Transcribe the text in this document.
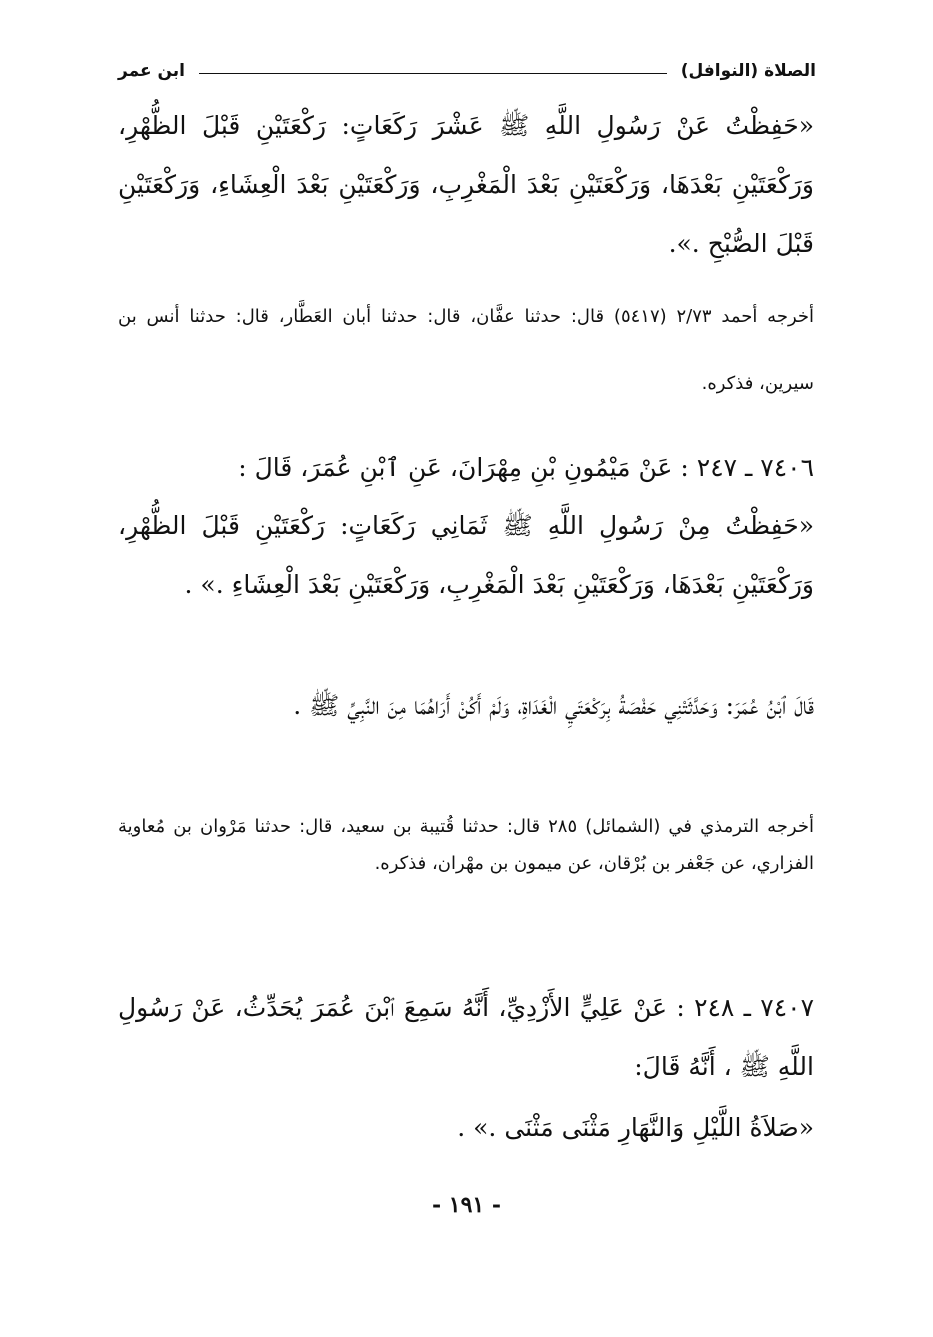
الصلاة (النوافل)
ابن عمر
«حَفِظْتُ عَنْ رَسُولِ اللَّهِ ﷺ عَشْرَ رَكَعَاتٍ: رَكْعَتَيْنِ قَبْلَ الظُّهْرِ، وَرَكْعَتَيْنِ بَعْدَهَا، وَرَكْعَتَيْنِ بَعْدَ الْمَغْرِبِ، وَرَكْعَتَيْنِ بَعْدَ الْعِشَاءِ، وَرَكْعَتَيْنِ قَبْلَ الصُّبْحِ .».
أخرجه أحمد ٢/٧٣ (٥٤١٧) قال: حدثنا عفَّان، قال: حدثنا أبان العَطَّار، قال: حدثنا أنس بن سيرين، فذكره.
٧٤٠٦ ـ ٢٤٧ : عَنْ مَيْمُونِ بْنِ مِهْرَانَ، عَنِ ٱبْنِ عُمَرَ، قَالَ :
«حَفِظْتُ مِنْ رَسُولِ اللَّهِ ﷺ ثَمَانِي رَكَعَاتٍ: رَكْعَتَيْنِ قَبْلَ الظُّهْرِ، وَرَكْعَتَيْنِ بَعْدَهَا، وَرَكْعَتَيْنِ بَعْدَ الْمَغْرِبِ، وَرَكْعَتَيْنِ بَعْدَ الْعِشَاءِ .» .
قَالَ ٱبْنُ عُمَرَ: وَحَدَّثَتْنِي حَفْصَةُ بِرَكْعَتَيِ الْغَدَاةِ، وَلَمْ أَكُنْ أَرَاهُمَا مِنَ النَّبِيِّ ﷺ .
أخرجه الترمذي في (الشمائل) ٢٨٥ قال: حدثنا قُتيبة بن سعيد، قال: حدثنا مَرْوان بن مُعاوية الفزاري، عن جَعْفر بن بُرْقان، عن ميمون بن مهْران، فذكره.
٧٤٠٧ ـ ٢٤٨ : عَنْ عَلِيٍّ الأَزْدِيِّ، أَنَّهُ سَمِعَ ٱبْنَ عُمَرَ يُحَدِّثُ، عَنْ رَسُولِ اللَّهِ ﷺ ، أَنَّهُ قَالَ:
«صَلاَةُ اللَّيْلِ وَالنَّهَارِ مَثْنَى مَثْنَى .» .
- ١٩١ -
